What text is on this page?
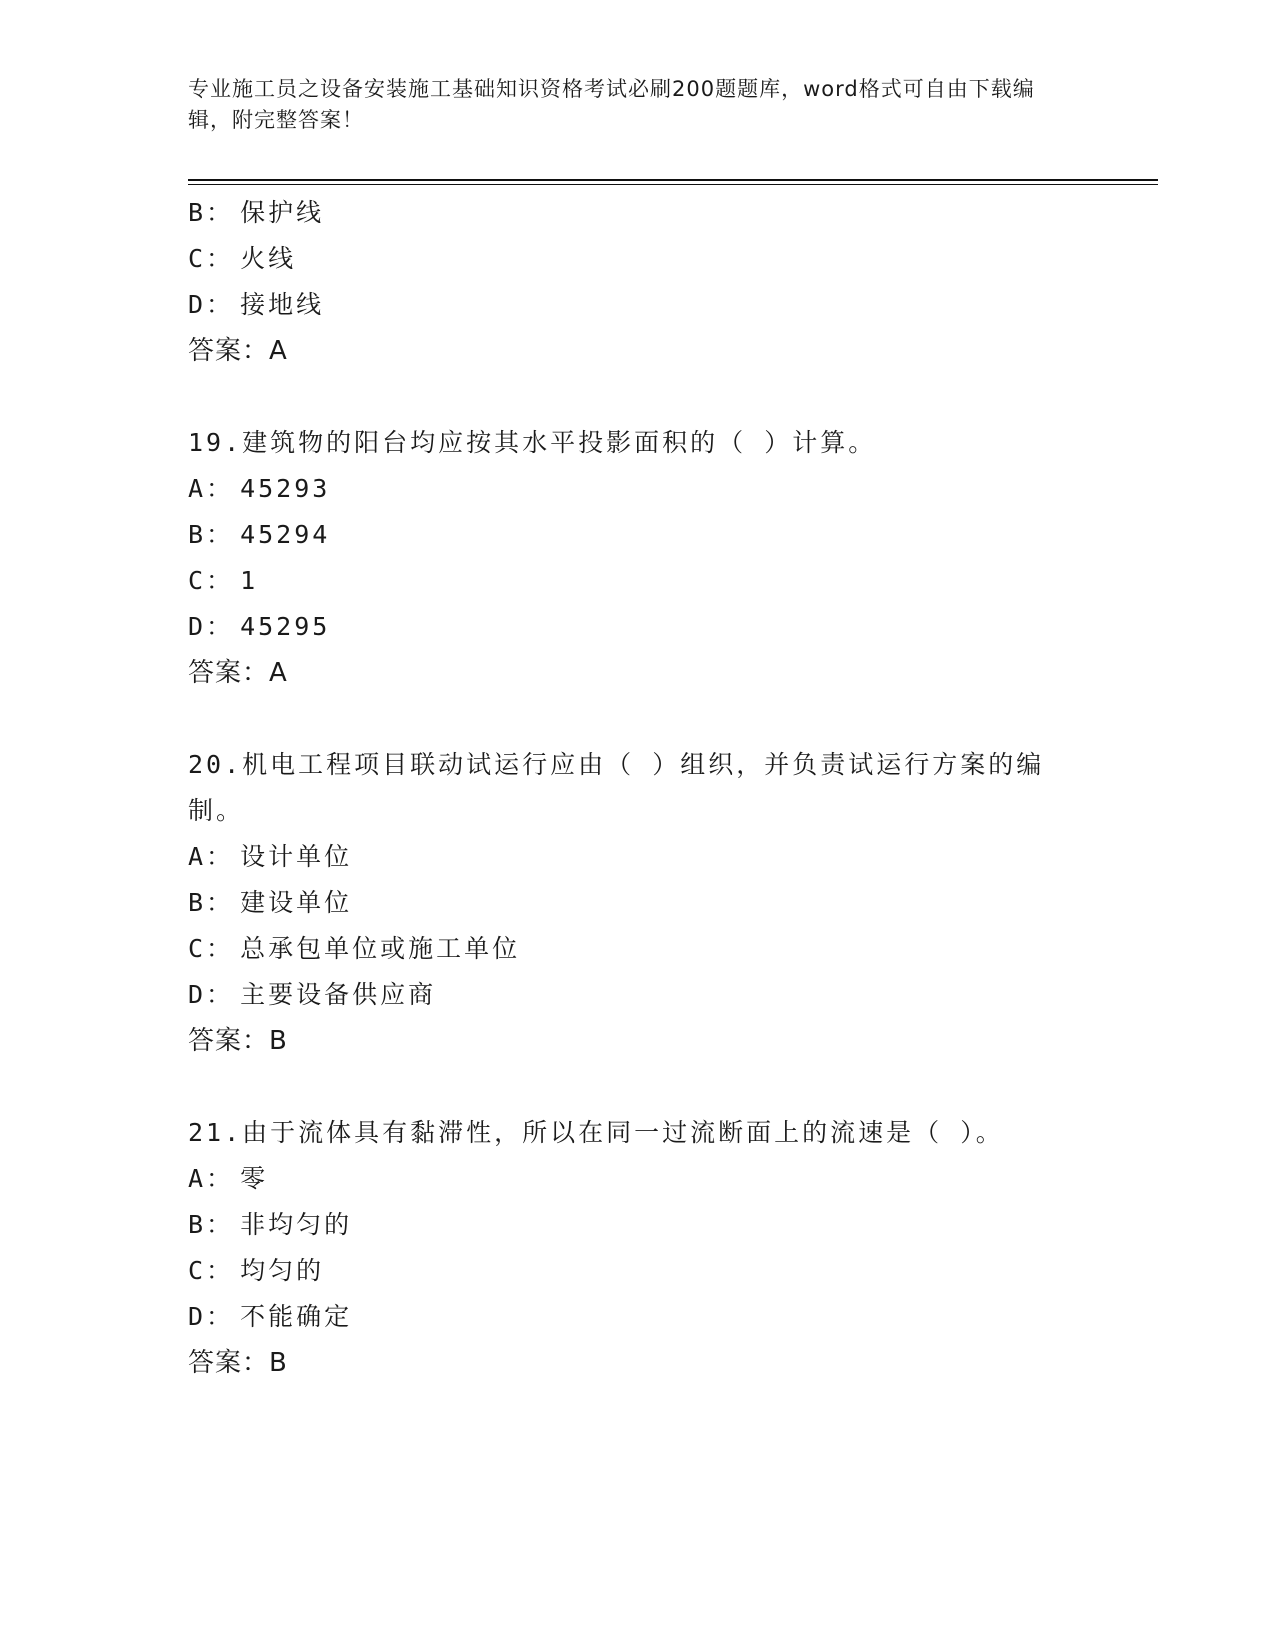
专业施工员之设备安装施工基础知识资格考试必刷200题题库，word格式可自由下载编辑，附完整答案！
B： 保护线
C： 火线
D： 接地线
答案：A
19.建筑物的阳台均应按其水平投影面积的（ ）计算。
A： 45293
B： 45294
C： 1
D： 45295
答案：A
20.机电工程项目联动试运行应由（ ）组织，并负责试运行方案的编制。
A： 设计单位
B： 建设单位
C： 总承包单位或施工单位
D： 主要设备供应商
答案：B
21.由于流体具有黏滞性，所以在同一过流断面上的流速是（ ）。
A： 零
B： 非均匀的
C： 均匀的
D： 不能确定
答案：B
